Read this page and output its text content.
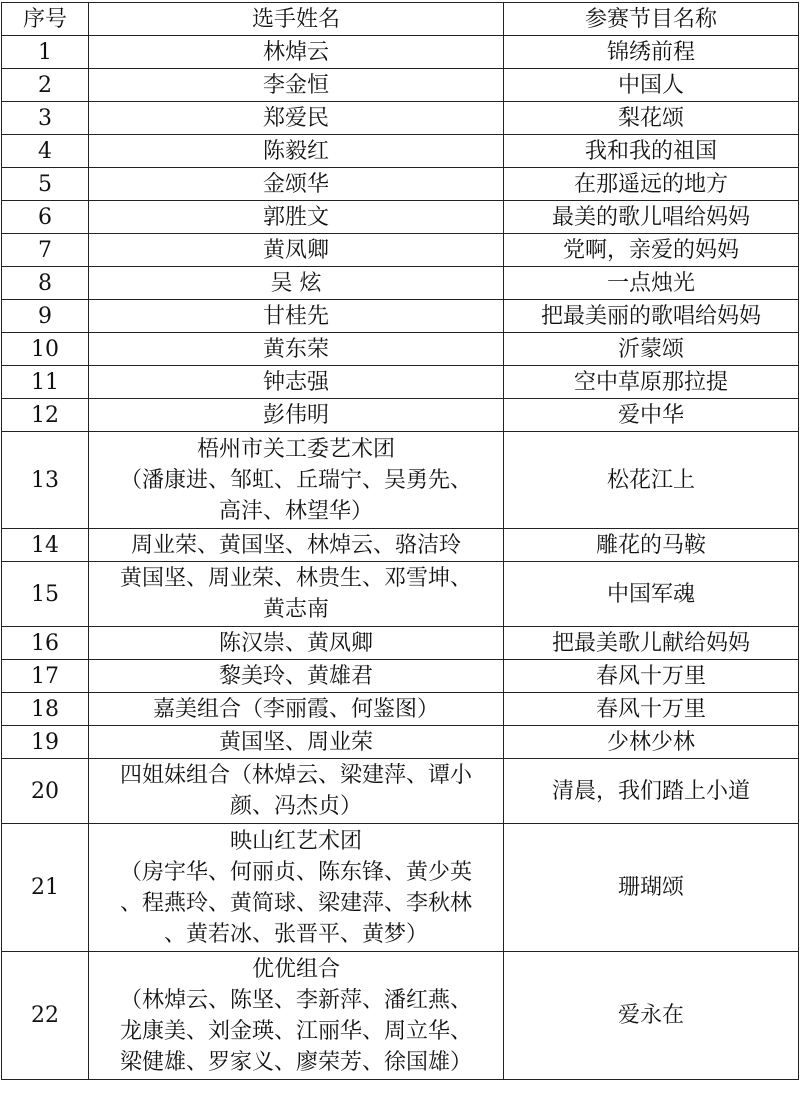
序号	选手姓名	参赛节目名称
1	林焯云	锦绣前程
2	李金恒	中国人
3	郑爱民	梨花颂
4	陈毅红	我和我的祖国
5	金颂华	在那遥远的地方
6	郭胜文	最美的歌儿唱给妈妈
7	黄凤卿	党啊，亲爱的妈妈
8	吴 炫	一点烛光
9	甘桂先	把最美丽的歌唱给妈妈
10	黄东荣	沂蒙颂
11	钟志强	空中草原那拉提
12	彭伟明	爱中华
13	梧州市关工委艺术团
（潘康进、邹虹、丘瑞宁、吴勇先、
高沣、林望华）	松花江上
14	周业荣、黄国坚、林焯云、骆洁玲	雕花的马鞍
15	黄国坚、周业荣、林贵生、邓雪坤、
黄志南	中国军魂
16	陈汉崇、黄凤卿	把最美歌儿献给妈妈
17	黎美玲、黄雄君	春风十万里
18	嘉美组合（李丽霞、何鉴图）	春风十万里
19	黄国坚、周业荣	少林少林
20	四姐妹组合（林焯云、梁建萍、谭小
颜、冯杰贞）	清晨，我们踏上小道
21	映山红艺术团
（房宇华、何丽贞、陈东锋、黄少英
、程燕玲、黄简球、梁建萍、李秋林
、黄若冰、张晋平、黄梦）	珊瑚颂
22	优优组合
（林焯云、陈坚、李新萍、潘红燕、
龙康美、刘金瑛、江丽华、周立华、
梁健雄、罗家义、廖荣芳、徐国雄）	爱永在
